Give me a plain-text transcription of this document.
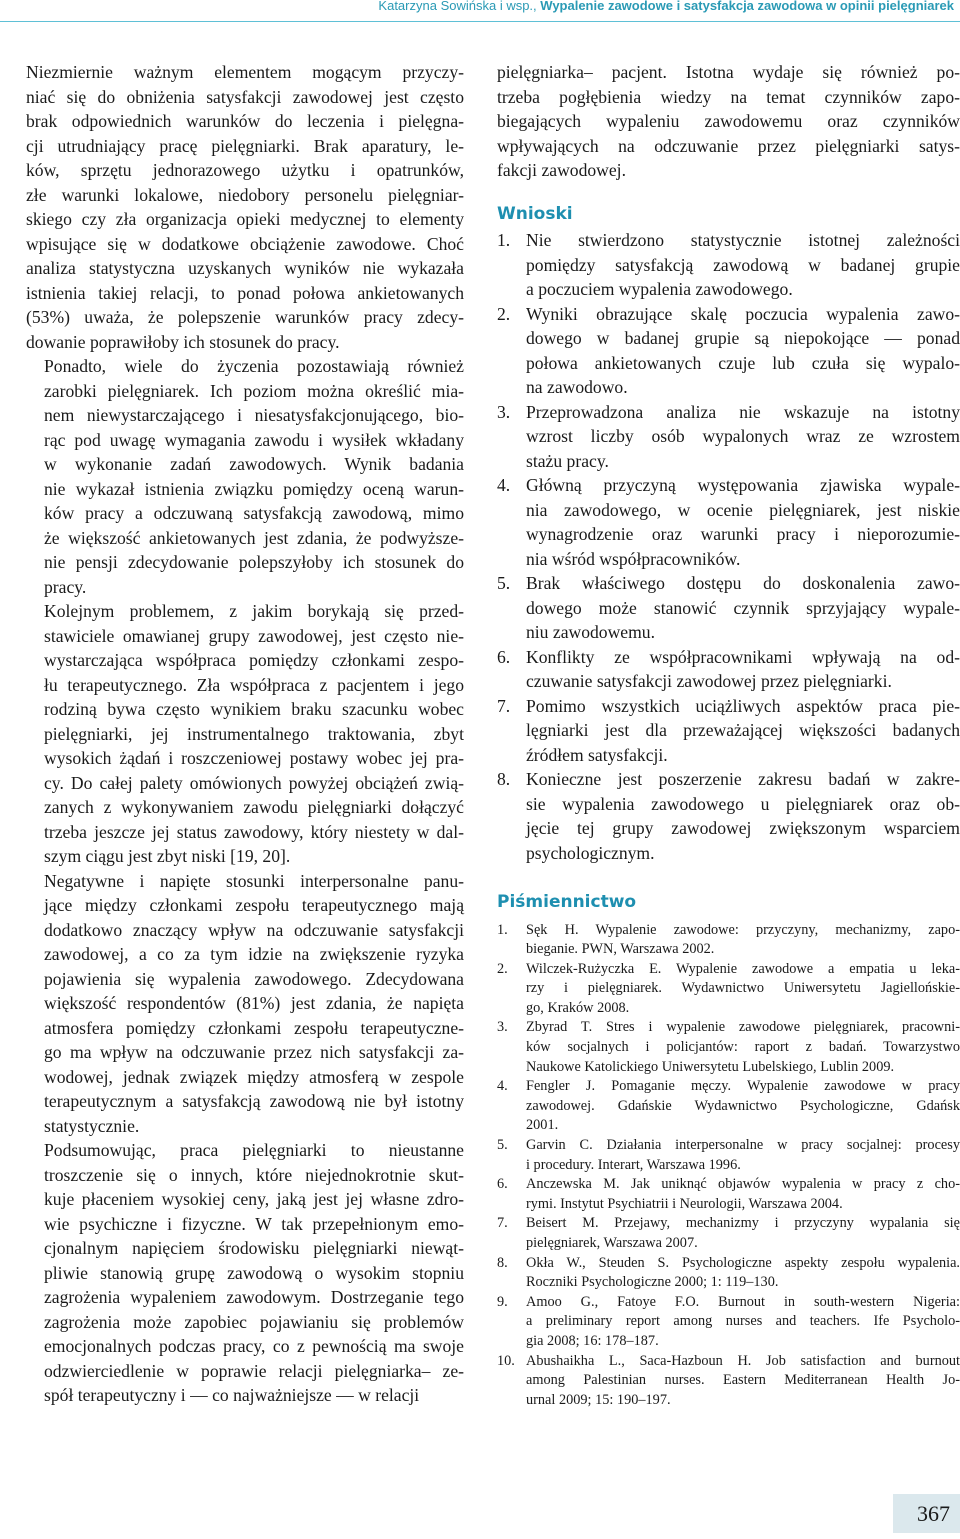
Katarzyna Sowińska i wsp., Wypalenie zawodowe i satysfakcja zawodowa w opinii pielęgniarek

Niezmiernie ważnym elementem mogącym przyczy-
niać się do obniżenia satysfakcji zawodowej jest często
brak odpowiednich warunków do leczenia i pielęgna-
cji utrudniający pracę pielęgniarki. Brak aparatury, le-
ków, sprzętu jednorazowego użytku i opatrunków,
złe warunki lokalowe, niedobory personelu pielęgniar-
skiego czy zła organizacja opieki medycznej to elementy
wpisujące się w dodatkowe obciążenie zawodowe. Choć
analiza statystyczna uzyskanych wyników nie wykazała
istnienia takiej relacji, to ponad połowa ankietowanych
(53%) uważa, że polepszenie warunków pracy zdecy-
dowanie poprawiłoby ich stosunek do pracy.

Ponadto, wiele do życzenia pozostawiają również
zarobki pielęgniarek. Ich poziom można określić mia-
nem niewystarczającego i niesatysfakcjonującego, bio-
rąc pod uwagę wymagania zawodu i wysiłek wkładany
w wykonanie zadań zawodowych. Wynik badania
nie wykazał istnienia związku pomiędzy oceną warun-
ków pracy a odczuwaną satysfakcją zawodową, mimo
że większość ankietowanych jest zdania, że podwyższe-
nie pensji zdecydowanie polepszyłoby ich stosunek do
pracy.

Kolejnym problemem, z jakim borykają się przed-
stawiciele omawianej grupy zawodowej, jest często nie-
wystarczająca współpraca pomiędzy członkami zespo-
łu terapeutycznego. Zła współpraca z pacjentem i jego
rodziną bywa często wynikiem braku szacunku wobec
pielęgniarki, jej instrumentalnego traktowania, zbyt
wysokich żądań i roszczeniowej postawy wobec jej pra-
cy. Do całej palety omówionych powyżej obciążeń zwią-
zanych z wykonywaniem zawodu pielęgniarki dołączyć
trzeba jeszcze jej status zawodowy, który niestety w dal-
szym ciągu jest zbyt niski [19, 20].

Negatywne i napięte stosunki interpersonalne panu-
jące między członkami zespołu terapeutycznego mają
dodatkowo znaczący wpływ na odczuwanie satysfakcji
zawodowej, a co za tym idzie na zwiększenie ryzyka
pojawienia się wypalenia zawodowego. Zdecydowana
większość respondentów (81%) jest zdania, że napięta
atmosfera pomiędzy członkami zespołu terapeutyczne-
go ma wpływ na odczuwanie przez nich satysfakcji za-
wodowej, jednak związek między atmosferą w zespole
terapeutycznym a satysfakcją zawodową nie był istotny
statystycznie.

Podsumowując, praca pielęgniarki to nieustanne
troszczenie się o innych, które niejednokrotnie skut-
kuje płaceniem wysokiej ceny, jaką jest jej własne zdro-
wie psychiczne i fizyczne. W tak przepełnionym emo-
cjonalnym napięciem środowisku pielęgniarki niewąt-
pliwie stanowią grupę zawodową o wysokim stopniu
zagrożenia wypaleniem zawodowym. Dostrzeganie tego
zagrożenia może zapobiec pojawianiu się problemów
emocjonalnych podczas pracy, co z pewnością ma swoje
odzwierciedlenie w poprawie relacji pielęgniarka– ze-
spół terapeutyczny i — co najważniejsze — w relacji

pielęgniarka– pacjent. Istotna wydaje się również po-
trzeba pogłębienia wiedzy na temat czynników zapo-
biegających wypaleniu zawodowemu oraz czynników
wpływających na odczuwanie przez pielęgniarki satys-
fakcji zawodowej.

Wnioski
1. Nie stwierdzono statystycznie istotnej zależności
pomiędzy satysfakcją zawodową w badanej grupie
a poczuciem wypalenia zawodowego.
2. Wyniki obrazujące skalę poczucia wypalenia zawo-
dowego w badanej grupie są niepokojące — ponad
połowa ankietowanych czuje lub czuła się wypalo-
na zawodowo.
3. Przeprowadzona analiza nie wskazuje na istotny
wzrost liczby osób wypalonych wraz ze wzrostem
stażu pracy.
4. Główną przyczyną występowania zjawiska wypale-
nia zawodowego, w ocenie pielęgniarek, jest niskie
wynagrodzenie oraz warunki pracy i nieporozumie-
nia wśród współpracowników.
5. Brak właściwego dostępu do doskonalenia zawo-
dowego może stanowić czynnik sprzyjający wypale-
niu zawodowemu.
6. Konflikty ze współpracownikami wpływają na od-
czuwanie satysfakcji zawodowej przez pielęgniarki.
7. Pomimo wszystkich uciążliwych aspektów praca pie-
lęgniarki jest dla przeważającej większości badanych
źródłem satysfakcji.
8. Konieczne jest poszerzenie zakresu badań w zakre-
sie wypalenia zawodowego u pielęgniarek oraz ob-
jęcie tej grupy zawodowej zwiększonym wsparciem
psychologicznym.
Piśmiennictwo
1. Sęk H. Wypalenie zawodowe: przyczyny, mechanizmy, zapo-
bieganie. PWN, Warszawa 2002.
2. Wilczek-Rużyczka E. Wypalenie zawodowe a empatia u leka-
rzy i pielęgniarek. Wydawnictwo Uniwersytetu Jagiellońskie-
go, Kraków 2008.
3. Zbyrad T. Stres i wypalenie zawodowe pielęgniarek, pracowni-
ków socjalnych i policjantów: raport z badań. Towarzystwo
Naukowe Katolickiego Uniwersytetu Lubelskiego, Lublin 2009.
4. Fengler J. Pomaganie męczy. Wypalenie zawodowe w pracy
zawodowej. Gdańskie Wydawnictwo Psychologiczne, Gdańsk
2001.
5. Garvin C. Działania interpersonalne w pracy socjalnej: procesy
i procedury. Interart, Warszawa 1996.
6. Anczewska M. Jak uniknąć objawów wypalenia w pracy z cho-
rymi. Instytut Psychiatrii i Neurologii, Warszawa 2004.
7. Beisert M. Przejawy, mechanizmy i przyczyny wypalania się
pielęgniarek, Warszawa 2007.
8. Okła W., Steuden S. Psychologiczne aspekty zespołu wypalenia.
Roczniki Psychologiczne 2000; 1: 119–130.
9. Amoo G., Fatoye F.O. Burnout in south-western Nigeria:
a preliminary report among nurses and teachers. Ife Psycholo-
gia 2008; 16: 178–187.
10. Abushaikha L., Saca-Hazboun H. Job satisfaction and burnout
among Palestinian nurses. Eastern Mediterranean Health Jo-
urnal 2009; 15: 190–197.
367
